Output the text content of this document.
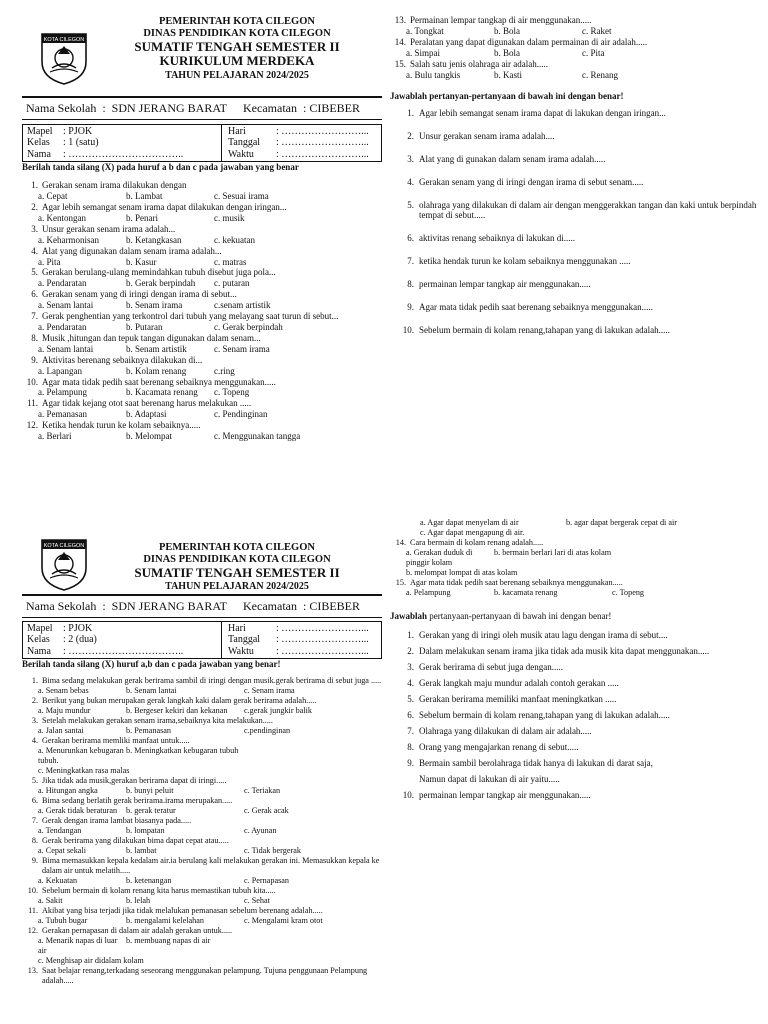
KOTA CILEGON
PEMERINTAH KOTA CILEGON
DINAS PENDIDIKAN KOTA CILEGON
SUMATIF TENGAH SEMESTER II
KURIKULUM MERDEKA
TAHUN PELAJARAN 2024/2025
Nama Sekolah : SDN JERANG BARAT Kecamatan : CIBEBER
Mapel	: PJOK
Kelas	: 1 (satu)
Nama	: ……………………………..
Hari	: ……………………...
Tanggal	: ……………………...
Waktu	: ……………………...
Berilah tanda silang (X) pada huruf a b dan c pada jawaban yang benar
1. Gerakan senam irama dilakukan dengan
a. Cepat	b. Lambat	c. Sesuai irama
2. Agar lebih semangat senam irama dapat dilakukan dengan iringan...
a. Kentongan	b. Penari	c. musik
3. Unsur gerakan senam irama adalah...
a. Keharmonisan	b. Ketangkasan	c. kekuatan
4. Alat yang digunakan dalam senam irama adalah...
a. Pita	b. Kasur	c. matras
5. Gerakan berulang-ulang memindahkan tubuh disebut juga pola...
a. Pendaratan	b. Gerak berpindah	c. putaran
6. Gerakan senam yang di iringi dengan irama di sebut...
a. Senam lantai	b. Senam irama	c.senam artistik
7. Gerak penghentian yang terkontrol dari tubuh yang melayang saat turun di sebut...
a. Pendaratan	b. Putaran	c. Gerak berpindah
8. Musik ,hitungan dan tepuk tangan digunakan dalam senam...
a. Senam lantai	b. Senam artistik	c. Senam irama
9. Aktivitas berenang sebaiknya dilakukan di...
a. Lapangan	b. Kolam renang	c.ring
10. Agar mata tidak pedih saat berenang sebaiknya menggunakan.....
a. Pelampung	b. Kacamata renang	c. Topeng
11. Agar tidak kejang otot saat berenang harus melakukan .....
a. Pemanasan	b. Adaptasi	c. Pendinginan
12. Ketika hendak turun ke kolam sebaiknya.....
a. Berlari	b. Melompat	c. Menggunakan tangga
13. Permainan lempar tangkap di air menggunakan.....
a. Tongkat	b. Bola	c. Raket
14. Peralatan yang dapat digunakan dalam permainan di air adalah.....
a. Simpai	b. Bola	c. Pita
15. Salah satu jenis olahraga air adalah.....
a. Bulu tangkis	b. Kasti	c. Renang
Jawablah pertanyan-pertanyaan di bawah ini dengan benar!
1. Agar lebih semangat senam irama dapat di lakukan dengan iringan...
2. Unsur gerakan senam irama adalah....
3. Alat yang di gunakan dalam senam irama adalah.....
4. Gerakan senam yang di iringi dengan irama di sebut senam.....
5. olahraga yang dilakukan di dalam air dengan menggerakkan tangan dan kaki untuk berpindah tempat di sebut.....
6. aktivitas renang sebaiknya di lakukan di.....
7. ketika hendak turun ke kolam sebaiknya menggunakan .....
8. permainan lempar tangkap air menggunakan.....
9. Agar mata tidak pedih saat berenang sebaiknya menggunakan.....
10. Sebelum bermain di kolam renang,tahapan yang di lakukan adalah.....
KOTA CILEGON	PEMERINTAH KOTA CILEGON
DINAS PENDIDIKAN KOTA CILEGON
SUMATIF TENGAH SEMESTER II
TAHUN PELAJARAN 2024/2025
Nama Sekolah : SDN JERANG BARAT Kecamatan : CIBEBER
Mapel	: PJOK
Kelas	: 2 (dua)
Nama	: ……………………………..
Hari	: ……………………...
Tanggal	: ……………………...
Waktu	: ……………………...
Berilah tanda silang (X) huruf a,b dan c pada jawaban yang benar!
1. Bima sedang melakukan gerak berirama sambil di iringi dengan musik.gerak berirama di sebut juga .....
a. Senam bebas	b. Senam lantai	c. Senam irama
2. Berikut yang bukan merupakan gerak langkah kaki dalam gerak berirama adalah.....
a. Maju mundur	b. Bergeser kekiri dan kekanan	c.gerak jungkir balik
3. Setelah melakukan gerakan senam irama,sebaiknya kita melakukan.....
a. Jalan santai	b. Pemanasan	c.pendinginan
4. Gerakan berirama memliki manfaat untuk.....
a. Menurunkan kebugaran tubuh.
b. Meningkatkan kebugaran tubuh
c. Meningkatkan rasa malas
5. Jika tidak ada musik,gerakan berirama dapat di iringi.....
a. Hitungan angka	b. bunyi peluit	c. Teriakan
6. Bima sedang berlatih gerak berirama.irama merupakan.....
a. Gerak tidak beraturan	b. gerak teratur	c. Gerak acak
7. Gerak dengan irama lambat biasanya pada.....
a. Tendangan	b. lompatan	c. Ayunan
8. Gerak berirama yang dilakukan bima dapat cepat atau.....
a. Cepat sekali	b. lambat	c. Tidak bergerak
9. Bima memasukkan kepala kedalam air.ia berulang kali melakukan gerakan ini. Memasukkan kepala ke dalam air untuk melatih.....
a. Kekuatan	b. ketenangan	c. Pernapasan
10. Sebelum bermain di kolam renang kita harus memastikan tubuh kita.....
a. Sakit	b. lelah	c. Sehat
11. Akibat yang bisa terjadi jika tidak melalukan pemanasan sebelum berenang adalah.....
a. Tubuh bugar	b. mengalami kelelahan	c. Mengalami kram otot
12. Gerakan pernapasan di dalam air adalah gerakan untuk.....
a. Menarik napas di luar air
b. membuang napas di air
c. Menghisap air didalam kolam
13. Saat belajar renang,terkadang seseorang menggunakan pelampung. Tujuna penggunaan Pelampung adalah.....
a. Agar dapat menyelam di air	b. agar dapat bergerak cepat di air
c. Agar dapat mengapung di air.
14. Cara bermain di kolam renang adalah.....
a. Gerakan duduk di pinggir kolam
b. bermain berlari lari di atas kolam
b. melompat lompat di atas kolam
15. Agar mata tidak pedih saat berenang sebaiknya menggunakan.....
a. Pelampung	b. kacamata renang	c. Topeng
Jawablah pertanyaan-pertanyaan di bawah ini dengan benar!
1. Gerakan yang di iringi oleh musik atau lagu dengan irama di sebut....
2. Dalam melakukan senam irama jika tidak ada musik kita dapat menggunakan.....
3. Gerak berirama di sebut juga dengan.....
4. Gerak langkah maju mundur adalah contoh gerakan .....
5. Gerakan berirama memiliki manfaat meningkatkan .....
6. Sebelum bermain di kolam renang,tahapan yang di lakukan adalah.....
7. Olahraga yang dilakukan di dalam air adalah.....
8. Orang yang mengajarkan renang di sebut.....
9. Bermain sambil berolahraga tidak hanya di lakukan di darat saja,
Namun dapat di lakukan di air yaitu.....
10. permainan lempar tangkap air menggunakan.....
